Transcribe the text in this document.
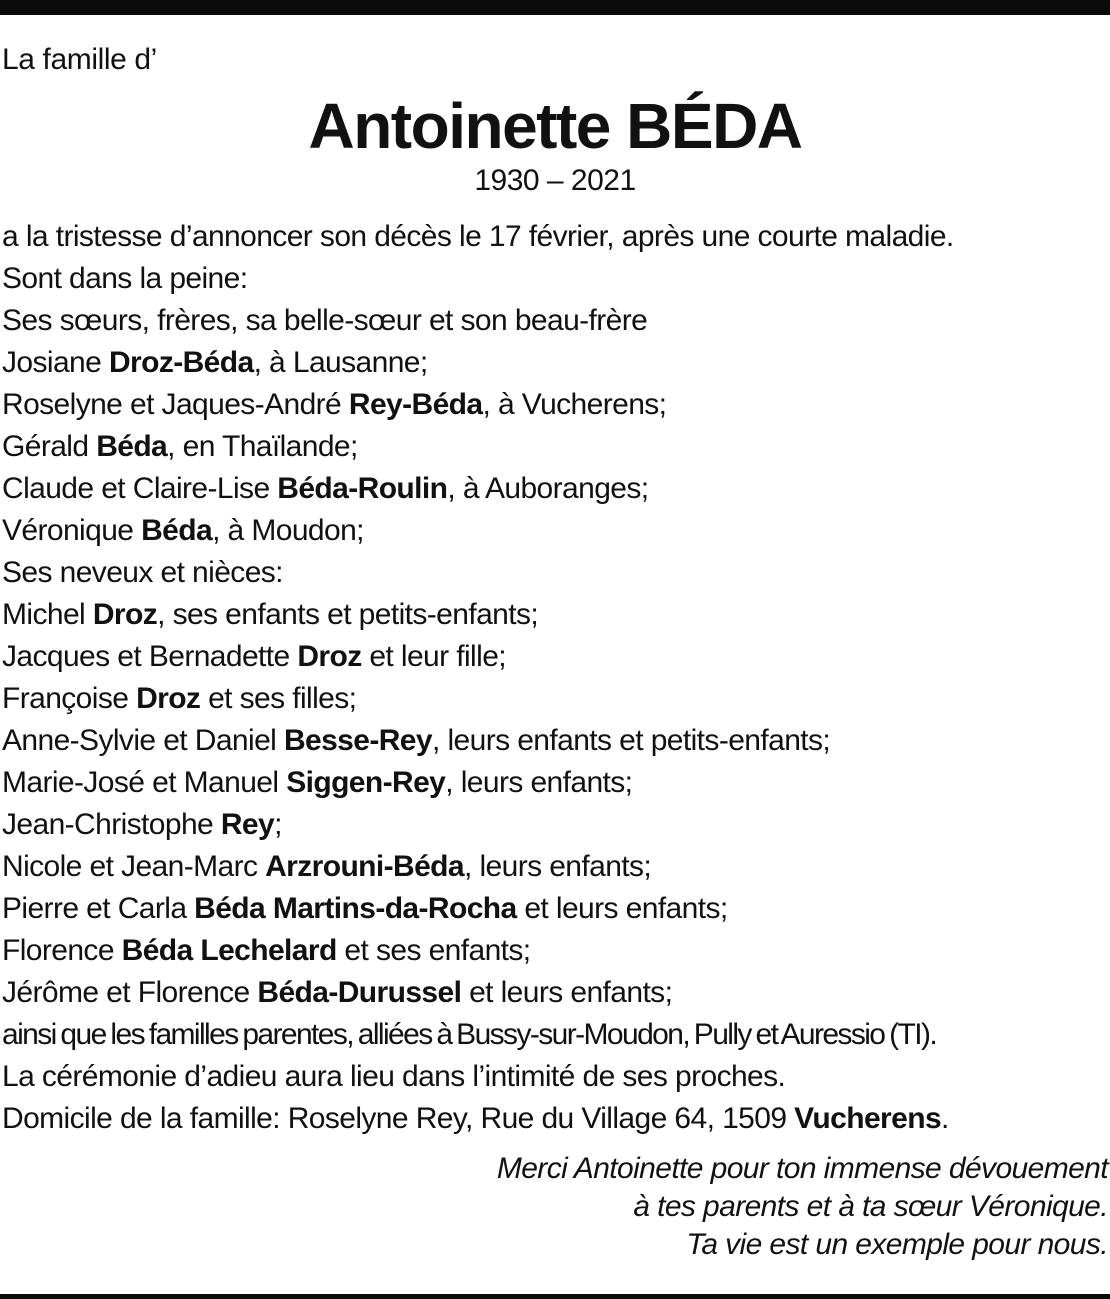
La famille d’
Antoinette BÉDA
1930 – 2021
a la tristesse d’annoncer son décès le 17 février, après une courte maladie.
Sont dans la peine:
Ses sœurs, frères, sa belle-sœur et son beau-frère
Josiane Droz-Béda, à Lausanne;
Roselyne et Jaques-André Rey-Béda, à Vucherens;
Gérald Béda, en Thaïlande;
Claude et Claire-Lise Béda-Roulin, à Auboranges;
Véronique Béda, à Moudon;
Ses neveux et nièces:
Michel Droz, ses enfants et petits-enfants;
Jacques et Bernadette Droz et leur fille;
Françoise Droz et ses filles;
Anne-Sylvie et Daniel Besse-Rey, leurs enfants et petits-enfants;
Marie-José et Manuel Siggen-Rey, leurs enfants;
Jean-Christophe Rey;
Nicole et Jean-Marc Arzrouni-Béda, leurs enfants;
Pierre et Carla Béda Martins-da-Rocha et leurs enfants;
Florence Béda Lechelard et ses enfants;
Jérôme et Florence Béda-Durussel et leurs enfants;
ainsi que les familles parentes, alliées à Bussy-sur-Moudon, Pully et Auressio (TI).
La cérémonie d’adieu aura lieu dans l’intimité de ses proches.
Domicile de la famille: Roselyne Rey, Rue du Village 64, 1509 Vucherens.
Merci Antoinette pour ton immense dévouement
à tes parents et à ta sœur Véronique.
Ta vie est un exemple pour nous.
